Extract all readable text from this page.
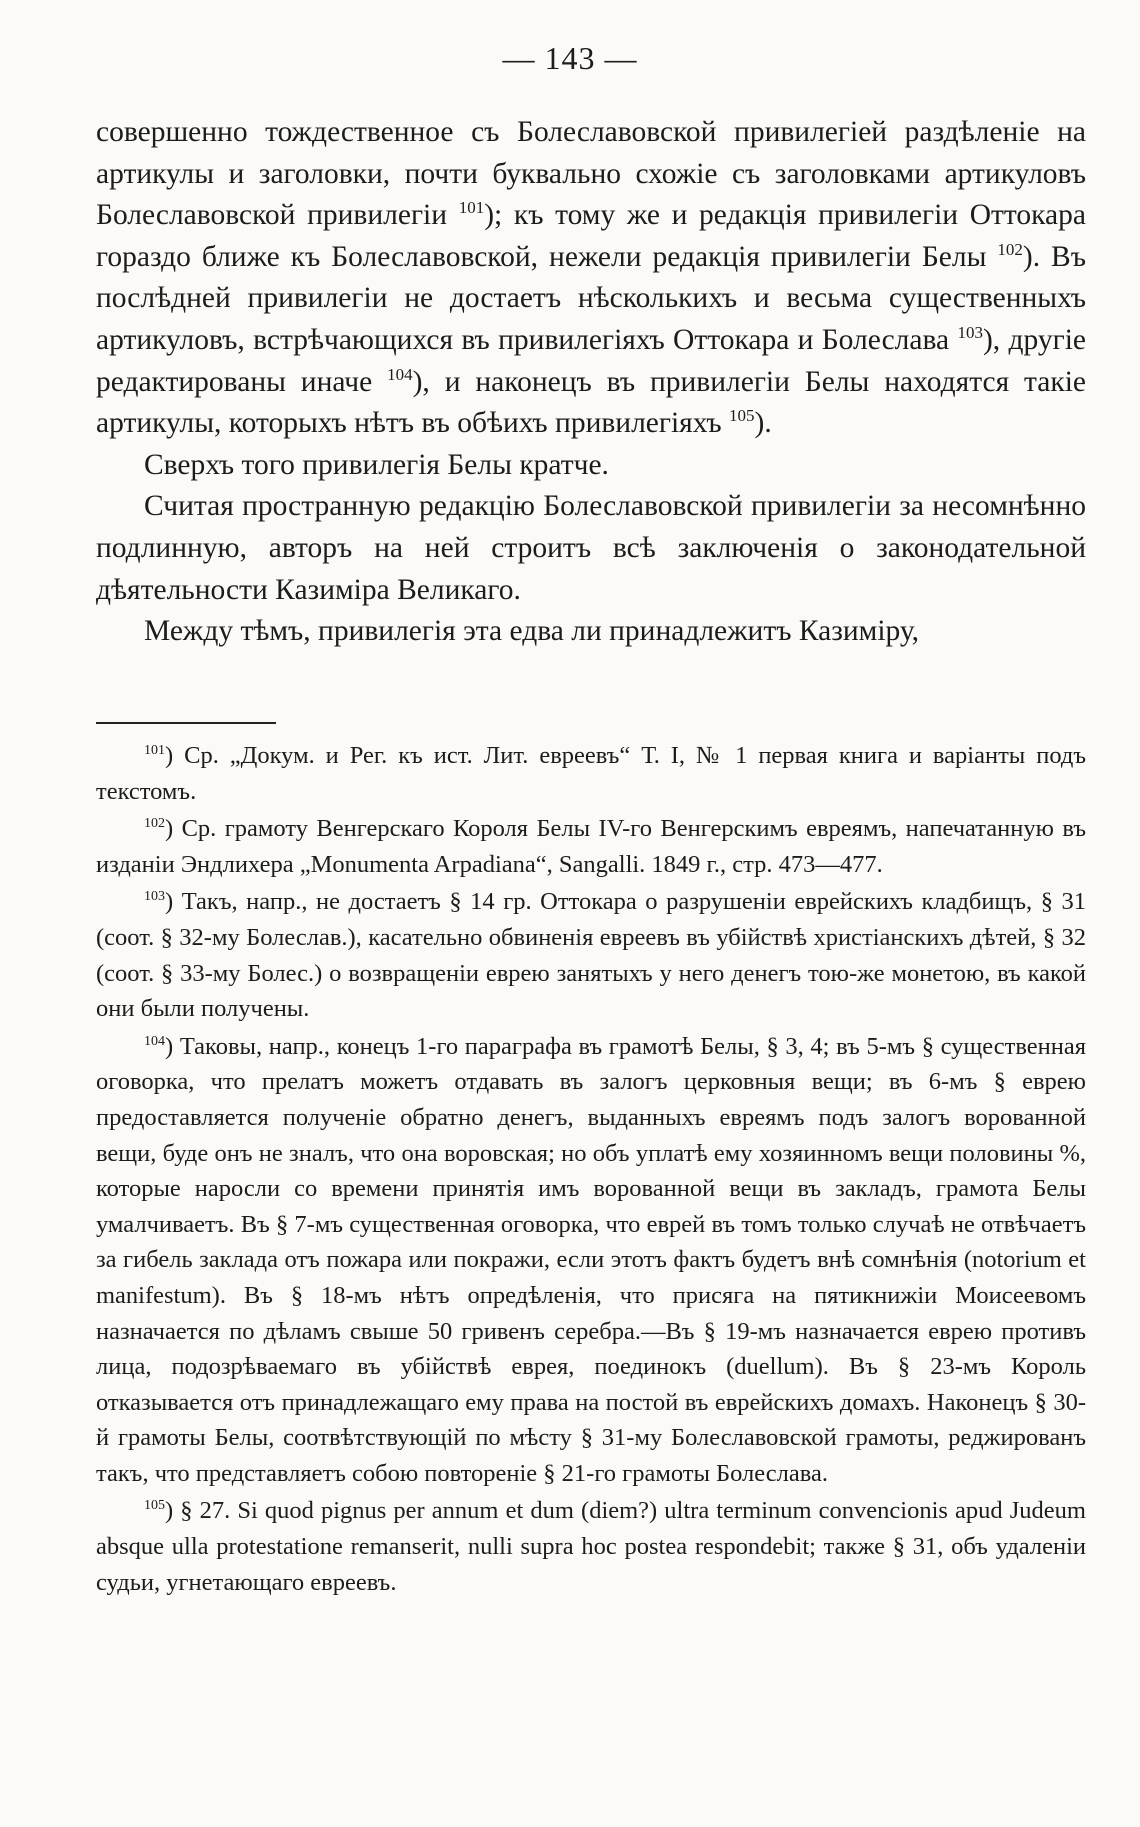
— 143 —

совершенно тождественное съ Болеславовской привилегіей раздѣленіе на артикулы и заголовки, почти буквально схожіе съ заголовками артикуловъ Болеславовской привилегіи $^{101}$); къ тому же и редакція привилегіи Оттокара гораздо ближе къ Болеславовской, нежели редакція привилегіи Белы $^{102}$). Въ послѣдней привилегіи не достаетъ нѣсколькихъ и весьма существенныхъ артикуловъ, встрѣчающихся въ привилегіяхъ Оттокара и Болеслава $^{103}$), другіе редактированы иначе $^{104}$), и наконецъ въ привилегіи Белы находятся такіе артикулы, которыхъ нѣтъ въ обѣихъ привилегіяхъ $^{105}$).

Сверхъ того привилегія Белы кратче.

Считая пространную редакцію Болеславовской привилегіи за несомнѣнно подлинную, авторъ на ней строитъ всѣ заключенія о законодательной дѣятельности Казиміра Великаго.

Между тѣмъ, привилегія эта едва ли принадлежитъ Казиміру,

$^{101}$) Ср. „Докум. и Рег. къ ист. Лит. евреевъ“ Т. I, № 1 первая книга и варіанты подъ текстомъ.

$^{102}$) Ср. грамоту Венгерскаго Короля Белы IV-го Венгерскимъ евреямъ, напечатанную въ изданіи Эндлихера „Monumenta Arpadiana“, Sangalli. 1849 г., стр. 473—477.

$^{103}$) Такъ, напр., не достаетъ § 14 гр. Оттокара о разрушеніи еврейскихъ кладбищъ, § 31 (соот. § 32-му Болеслав.), касательно обвиненія евреевъ въ убійствѣ христіанскихъ дѣтей, § 32 (соот. § 33-му Болес.) о возвращеніи еврею занятыхъ у него денегъ тою-же монетою, въ какой они были получены.

$^{104}$) Таковы, напр., конецъ 1-го параграфа въ грамотѣ Белы, § 3, 4; въ 5-мъ § существенная оговорка, что прелатъ можетъ отдавать въ залогъ церковныя вещи; въ 6-мъ § еврею предоставляется полученіе обратно денегъ, выданныхъ евреямъ подъ залогъ ворованной вещи, буде онъ не зналъ, что она воровская; но объ уплатѣ ему хозяинномъ вещи половины %, которые наросли со времени принятія имъ ворованной вещи въ закладъ, грамота Белы умалчиваетъ. Въ § 7-мъ существенная оговорка, что еврей въ томъ только случаѣ не отвѣчаетъ за гибель заклада отъ пожара или покражи, если этотъ фактъ будетъ внѣ сомнѣнія (notorium et manifestum). Въ § 18-мъ нѣтъ опредѣленія, что присяга на пятикнижіи Моисеевомъ назначается по дѣламъ свыше 50 гривенъ серебра.—Въ § 19-мъ назначается еврею противъ лица, подозрѣваемаго въ убійствѣ еврея, поединокъ (duellum). Въ § 23-мъ Король отказывается отъ принадлежащаго ему права на постой въ еврейскихъ домахъ. Наконецъ § 30-й грамоты Белы, соотвѣтствующій по мѣсту § 31-му Болеславовской грамоты, реджированъ такъ, что представляетъ собою повтореніе § 21-го грамоты Болеслава.

$^{105}$) § 27. Si quod pignus per annum et dum (diem?) ultra terminum convencionis apud Judeum absque ulla protestatione remanserit, nulli supra hoc postea respondebit; также § 31, объ удаленіи судьи, угнетающаго евреевъ.
